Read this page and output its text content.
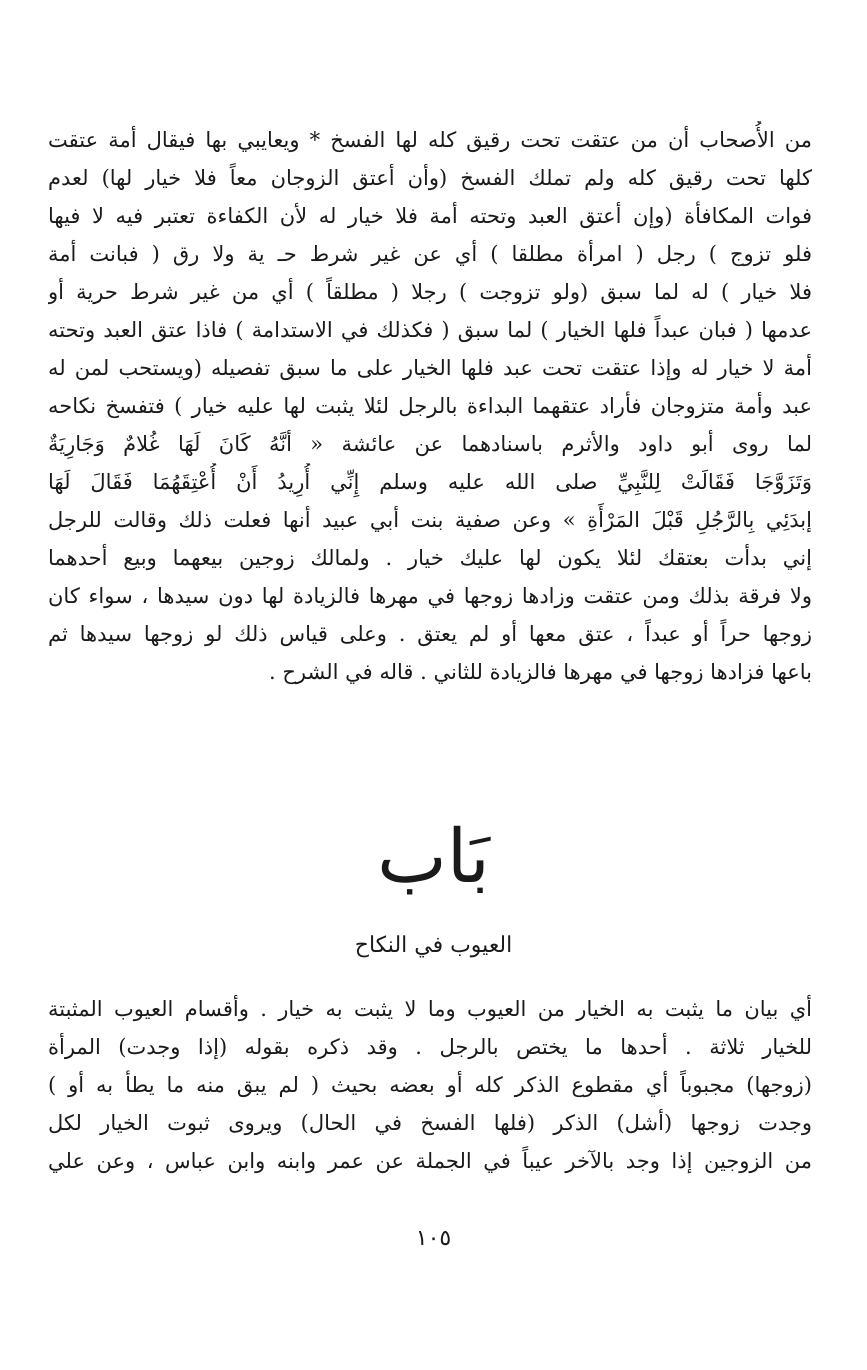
من الأُصحاب أن من عتقت تحت رقيق كله لها الفسخ * ويعايبي بها فيقال أمة عتقت
كلها تحت رقيق كله ولم تملك الفسخ (وأن أعتق الزوجان معاً فلا خيار لها) لعدم
فوات المكافأة (وإن أعتق العبد وتحته أمة فلا خيار له لأن الكفاءة تعتبر فيه لا فيها
فلو تزوج ) رجل ( امرأة مطلقا ) أي عن غير شرط حـ ية ولا رق ( فبانت أمة
فلا خيار ) له لما سبق (ولو تزوجت ) رجلا ( مطلقاً ) أي من غير شرط حرية أو
عدمها ( فبان عبداً فلها الخيار ) لما سبق ( فكذلك في الاستدامة ) فاذا عتق العبد وتحته
أمة لا خيار له وإذا عتقت تحت عبد فلها الخيار على ما سبق تفصيله (ويستحب لمن له
عبد وأمة متزوجان فأراد عتقهما البداءة بالرجل لئلا يثبت لها عليه خيار ) فتفسخ نكاحه
لما روى أبو داود والأثرم باسنادهما عن عائشة « أنَّهُ كَانَ لَهَا غُلامٌ وَجَارِيَةٌ
وَتَزَوَّجَا فَقَالَتْ لِلنَّبِيِّ صلى الله عليه وسلم إِنِّي أُرِيدُ أَنْ أُعْتِقَهُمَا فَقَالَ لَهَا
إبدَئِي بِالرَّجُلِ قَبْلَ المَرْأَةِ » وعن صفية بنت أبي عبيد أنها فعلت ذلك وقالت للرجل
إني بدأت بعتقك لئلا يكون لها عليك خيار . ولمالك زوجين بيعهما وبيع أحدهما
ولا فرقة بذلك ومن عتقت وزادها زوجها في مهرها فالزيادة لها دون سيدها ، سواء كان
زوجها حراً أو عبداً ، عتق معها أو لم يعتق . وعلى قياس ذلك لو زوجها سيدها ثم
باعها فزادها زوجها في مهرها فالزيادة للثاني . قاله في الشرح .
بَاب
العيوب في النكاح
أي بيان ما يثبت به الخيار من العيوب وما لا يثبت به خيار . وأقسام العيوب المثبتة
للخيار ثلاثة . أحدها ما يختص بالرجل . وقد ذكره بقوله (إذا وجدت) المرأة
(زوجها) مجبوباً أي مقطوع الذكر كله أو بعضه بحيث ( لم يبق منه ما يطأ به أو )
وجدت زوجها (أشل) الذكر (فلها الفسخ في الحال) ويروى ثبوت الخيار لكل
من الزوجين إذا وجد بالآخر عيباً في الجملة عن عمر وابنه وابن عباس ، وعن علي
١٠٥
